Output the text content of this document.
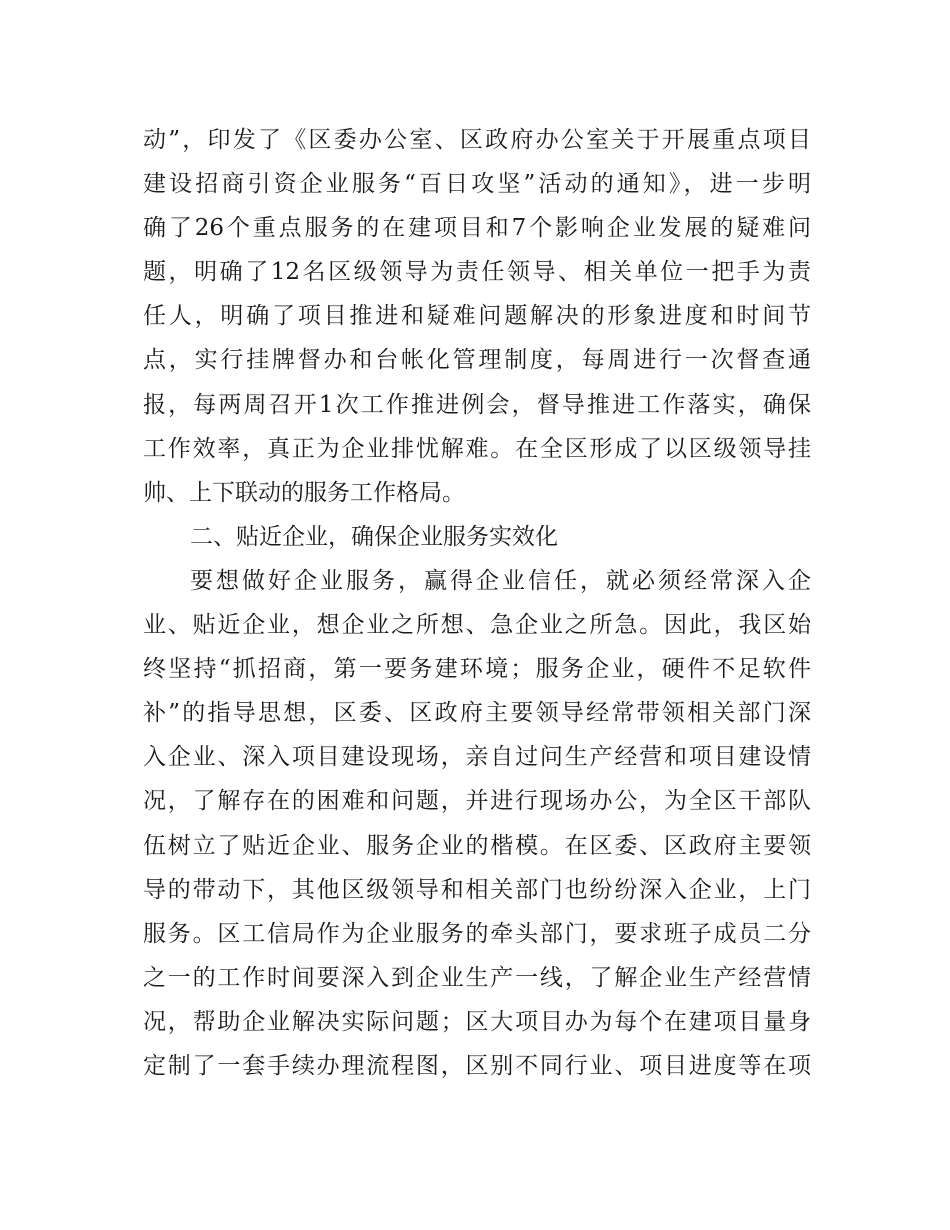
动”，印发了《区委办公室、区政府办公室关于开展重点项目
建设招商引资企业服务“百日攻坚”活动的通知》，进一步明
确了26个重点服务的在建项目和7个影响企业发展的疑难问
题，明确了12名区级领导为责任领导、相关单位一把手为责
任人，明确了项目推进和疑难问题解决的形象进度和时间节
点，实行挂牌督办和台帐化管理制度，每周进行一次督查通
报，每两周召开1次工作推进例会，督导推进工作落实，确保
工作效率，真正为企业排忧解难。在全区形成了以区级领导挂
帅、上下联动的服务工作格局。
二、贴近企业，确保企业服务实效化
要想做好企业服务，赢得企业信任，就必须经常深入企
业、贴近企业，想企业之所想、急企业之所急。因此，我区始
终坚持“抓招商，第一要务建环境；服务企业，硬件不足软件
补”的指导思想，区委、区政府主要领导经常带领相关部门深
入企业、深入项目建设现场，亲自过问生产经营和项目建设情
况，了解存在的困难和问题，并进行现场办公，为全区干部队
伍树立了贴近企业、服务企业的楷模。在区委、区政府主要领
导的带动下，其他区级领导和相关部门也纷纷深入企业，上门
服务。区工信局作为企业服务的牵头部门，要求班子成员二分
之一的工作时间要深入到企业生产一线，了解企业生产经营情
况，帮助企业解决实际问题；区大项目办为每个在建项目量身
定制了一套手续办理流程图，区别不同行业、项目进度等在项
